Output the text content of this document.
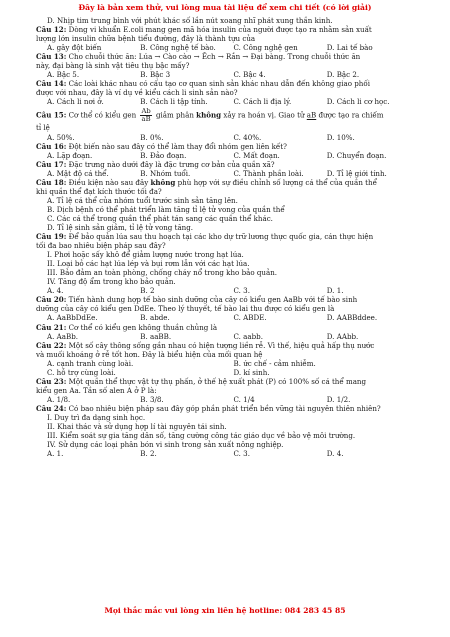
Đây là bản xem thử, vui lòng mua tài liệu để xem chi tiết (có lời giải)
D. Nhịp tim trung bình với phút khác số lần nút xoang nhĩ phát xung thần kinh.
Câu 12: Dòng vi khuẩn E.coli mang gen mã hóa insulin của người được tạo ra nhằm sản xuất
lượng lớn insulin chữa bệnh tiểu đường, đây là thành tựu của
A. gây đột biến	B. Công nghệ tế bào.	C. Công nghệ gen	D. Lai tế bào
Câu 13: Cho chuỗi thức ăn: Lúa → Cào cào → Ếch → Rắn → Đại bàng. Trong chuỗi thức ăn
này, đại bàng là sinh vật tiêu thụ bậc mấy?
A. Bậc 5.	B. Bậc 3	C. Bậc 4.	D. Bậc 2.
Câu 14: Các loài khác nhau có cấu tạo cơ quan sinh sản khác nhau dẫn đến không giao phối
được với nhau, đây là ví dụ về kiểu cách li sinh sản nào?
A. Cách li nơi ở.	B. Cách li tập tính.	C. Cách li địa lý.	D. Cách li cơ học.
Câu 15: Cơ thể có kiểu gen $\frac{Ab}{aB}$ giảm phân không xảy ra hoán vị. Giao tử aB được tạo ra chiếm
tỉ lệ
A. 50%.	B. 0%.	C. 40%.	D. 10%.
Câu 16: Đột biến nào sau đây có thể làm thay đổi nhóm gen liên kết?
A. Lặp đoạn.	B. Đảo đoạn.	C. Mất đoạn.	D. Chuyển đoạn.
Câu 17: Đặc trưng nào dưới đây là đặc trưng cơ bản của quần xã?
A. Mật độ cá thể.	B. Nhóm tuổi.	C. Thành phần loài.	D. Tỉ lệ giới tính.
Câu 18: Điều kiện nào sau đây không phù hợp với sự điều chỉnh số lượng cá thể của quần thể
khi quần thể đạt kích thước tối đa?
A. Tỉ lệ cá thể của nhóm tuổi trước sinh sản tăng lên.
B. Dịch bệnh có thể phát triển làm tăng tỉ lệ tử vong của quần thể
C. Các cá thể trong quần thể phát tán sang các quần thể khác.
D. Tỉ lệ sinh sản giảm, tỉ lệ tử vong tăng.
Câu 19: Để bảo quản lúa sau thu hoạch tại các kho dự trữ lương thực quốc gia, cán thực hiện
tối đa bao nhiêu biện pháp sau đây?
I. Phơi hoặc sấy khô để giảm lượng nước trong hạt lúa.
II. Loại bỏ các hạt lúa lép và bụi rơm lẫn với các hạt lúa.
III. Bảo đảm an toàn phòng, chống cháy nổ trong kho bảo quản.
IV. Tăng độ ẩm trong kho bảo quản.
A. 4.	B. 2	C. 3.	D. 1.
Câu 20: Tiến hành dung hợp tế bào sinh dưỡng của cây có kiểu gen AaBb với tế bào sinh
dưỡng của cây có kiểu gen DdEe. Theo lý thuyết, tế bào lai thu được có kiểu gen là
A. AaBbDdEe.	B. abde.	C. ABDE.	D. AABBddee.
Câu 21: Cơ thể có kiểu gen không thuần chủng là
A. AaBb.	B. aaBB.	C. aabb.	D. AAbb.
Câu 22: Một số cây thông sống gần nhau có hiện tượng liền rễ. Vì thế, hiệu quả hấp thụ nước
và muối khoáng ở rễ tốt hơn. Đây là biểu hiện của mối quan hệ
A. cạnh tranh cùng loài.	B. ức chế - cảm nhiễm.
C. hỗ trợ cùng loài.	D. kí sinh.
Câu 23: Một quần thể thực vật tự thụ phấn, ở thế hệ xuất phát (P) có 100% số cá thể mang
kiểu gen Aa. Tần số alen A ở P là:
A. 1/8.	B. 3/8.	C. 1/4	D. 1/2.
Câu 24: Có bao nhiêu biện pháp sau đây góp phần phát triển bền vững tài nguyên thiên nhiên?
I. Duy trì đa dạng sinh học.
II. Khai thác và sử dụng hợp lí tài nguyên tái sinh.
III. Kiểm soát sự gia tăng dân số, tăng cường công tác giáo dục về bảo vệ môi trường.
IV. Sử dụng các loại phân bón vi sinh trong sản xuất nông nghiệp.
A. 1.	B. 2.	C. 3.	D. 4.
Mọi thắc mắc vui lòng xin liên hệ hotline: 084 283 45 85
